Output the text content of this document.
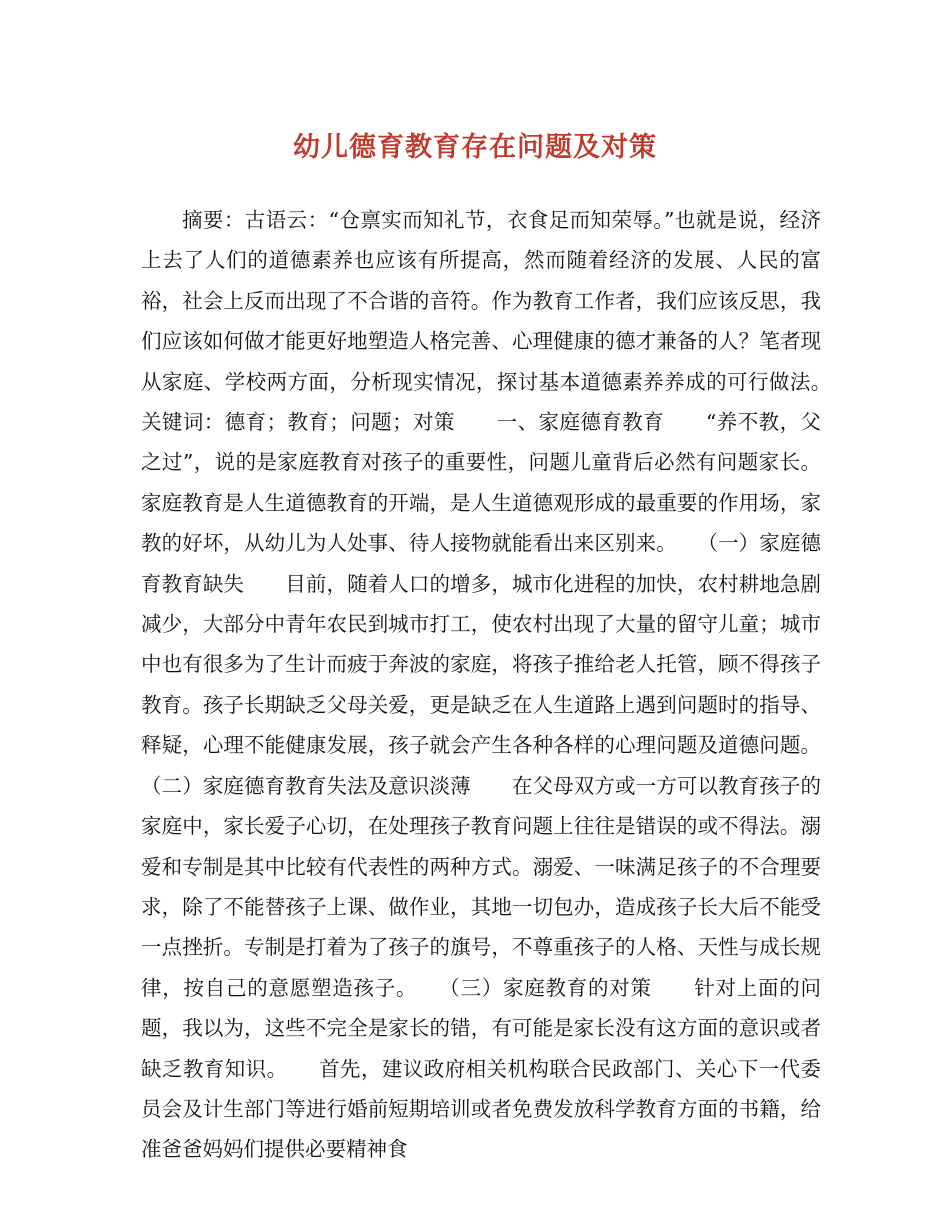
幼儿德育教育存在问题及对策

摘要：古语云：“仓禀实而知礼节，衣食足而知荣辱。”也就是说，经济上去了人们的道德素养也应该有所提高，然而随着经济的发展、人民的富裕，社会上反而出现了不合谐的音符。作为教育工作者，我们应该反思，我们应该如何做才能更好地塑造人格完善、心理健康的德才兼备的人？笔者现从家庭、学校两方面，分析现实情况，探讨基本道德素养养成的可行做法。　　关键词：德育；教育；问题；对策　　一、家庭德育教育　　“养不教，父之过”，说的是家庭教育对孩子的重要性，问题儿童背后必然有问题家长。家庭教育是人生道德教育的开端，是人生道德观形成的最重要的作用场，家教的好坏，从幼儿为人处事、待人接物就能看出来区别来。　　（一）家庭德育教育缺失　　目前，随着人口的增多，城市化进程的加快，农村耕地急剧减少，大部分中青年农民到城市打工，使农村出现了大量的留守儿童；城市中也有很多为了生计而疲于奔波的家庭，将孩子推给老人托管，顾不得孩子教育。孩子长期缺乏父母关爱，更是缺乏在人生道路上遇到问题时的指导、释疑，心理不能健康发展，孩子就会产生各种各样的心理问题及道德问题。（二）家庭德育教育失法及意识淡薄　　在父母双方或一方可以教育孩子的家庭中，家长爱子心切，在处理孩子教育问题上往往是错误的或不得法。溺爱和专制是其中比较有代表性的两种方式。溺爱、一味满足孩子的不合理要求，除了不能替孩子上课、做作业，其地一切包办，造成孩子长大后不能受一点挫折。专制是打着为了孩子的旗号，不尊重孩子的人格、天性与成长规律，按自己的意愿塑造孩子。　　（三）家庭教育的对策　　针对上面的问题，我以为，这些不完全是家长的错，有可能是家长没有这方面的意识或者缺乏教育知识。　　首先，建议政府相关机构联合民政部门、关心下一代委员会及计生部门等进行婚前短期培训或者免费发放科学教育方面的书籍，给准爸爸妈妈们提供必要精神食
